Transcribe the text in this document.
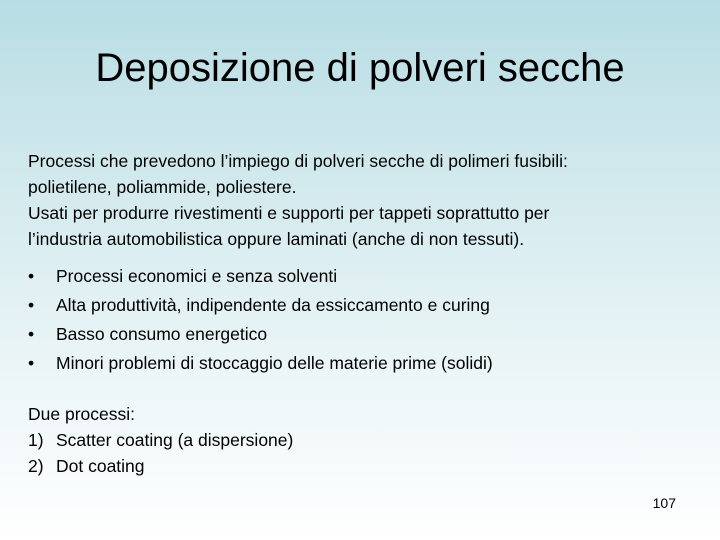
Deposizione di polveri secche

Processi che prevedono l’impiego di polveri secche di polimeri fusibili:

polietilene, poliammide, poliestere.

Usati per produrre rivestimenti e supporti per tappeti soprattutto per

l’industria automobilistica oppure laminati (anche di non tessuti).

• Processi economici e senza solventi
• Alta produttività, indipendente da essiccamento e curing
• Basso consumo energetico
• Minori problemi di stoccaggio delle materie prime (solidi)

Due processi:

1) Scatter coating (a dispersione)
2) Dot coating
107
